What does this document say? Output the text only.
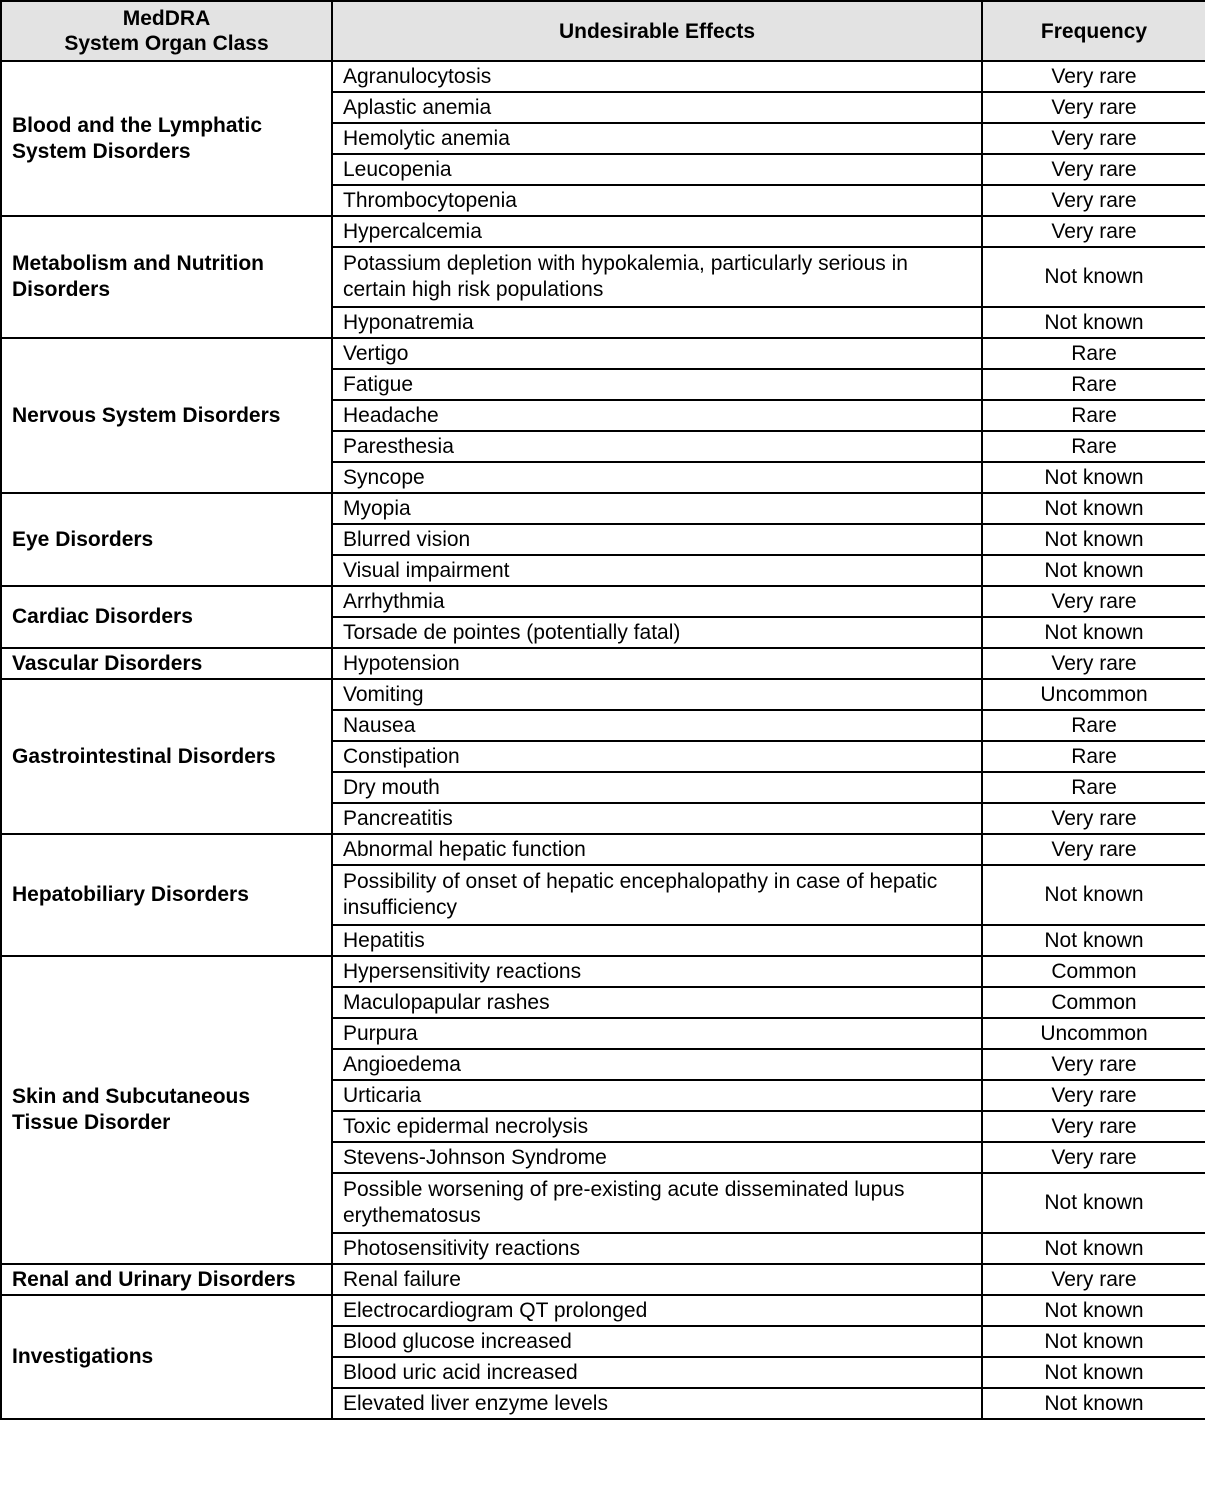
MedDRA
System Organ Class	Undesirable Effects	Frequency
Blood and the Lymphatic System Disorders	Agranulocytosis	Very rare
	Aplastic anemia	Very rare
	Hemolytic anemia	Very rare
	Leucopenia	Very rare
	Thrombocytopenia	Very rare
Metabolism and Nutrition Disorders	Hypercalcemia	Very rare
	Potassium depletion with hypokalemia, particularly serious in certain high risk populations	Not known
	Hyponatremia	Not known
Nervous System Disorders	Vertigo	Rare
	Fatigue	Rare
	Headache	Rare
	Paresthesia	Rare
	Syncope	Not known
Eye Disorders	Myopia	Not known
	Blurred vision	Not known
	Visual impairment	Not known
Cardiac Disorders	Arrhythmia	Very rare
	Torsade de pointes (potentially fatal)	Not known
Vascular Disorders	Hypotension	Very rare
Gastrointestinal Disorders	Vomiting	Uncommon
	Nausea	Rare
	Constipation	Rare
	Dry mouth	Rare
	Pancreatitis	Very rare
Hepatobiliary Disorders	Abnormal hepatic function	Very rare
	Possibility of onset of hepatic encephalopathy in case of hepatic insufficiency	Not known
	Hepatitis	Not known
Skin and Subcutaneous Tissue Disorder	Hypersensitivity reactions	Common
	Maculopapular rashes	Common
	Purpura	Uncommon
	Angioedema	Very rare
	Urticaria	Very rare
	Toxic epidermal necrolysis	Very rare
	Stevens-Johnson Syndrome	Very rare
	Possible worsening of pre-existing acute disseminated lupus erythematosus	Not known
	Photosensitivity reactions	Not known
Renal and Urinary Disorders	Renal failure	Very rare
Investigations	Electrocardiogram QT prolonged	Not known
	Blood glucose increased	Not known
	Blood uric acid increased	Not known
	Elevated liver enzyme levels	Not known
